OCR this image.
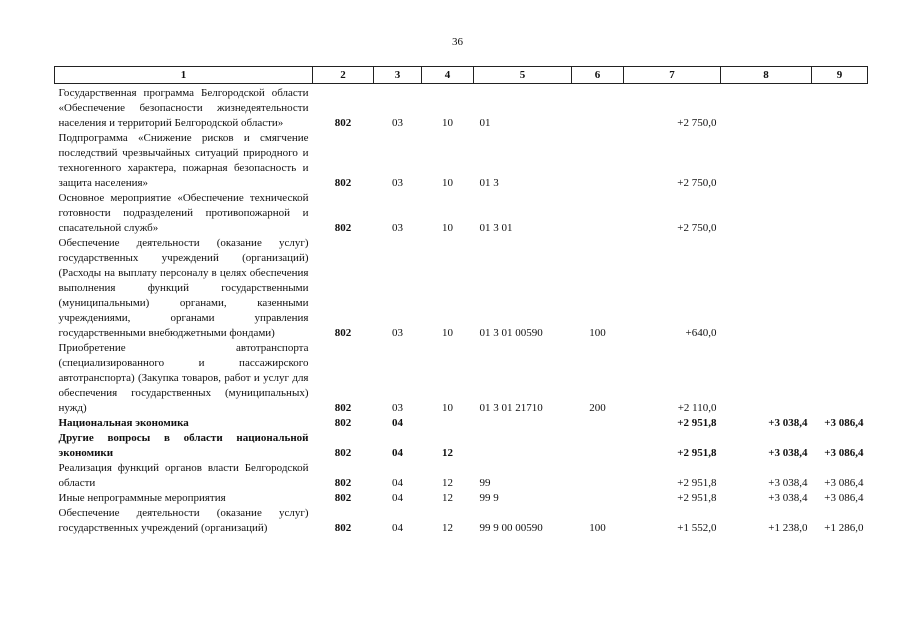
36
1	2	3	4	5	6	7	8	9
Государственная программа Белгородской области «Обеспечение безопасности жизнедеятельности населения и территорий Белгородской области»	802	03	10	01		+2 750,0		
Подпрограмма «Снижение рисков и смягчение последствий чрезвычайных ситуаций природного и техногенного характера, пожарная безопасность и защита населения»	802	03	10	01 3		+2 750,0		
Основное мероприятие «Обеспечение технической готовности подразделений противопожарной и спасательной служб»	802	03	10	01 3 01		+2 750,0		
Обеспечение деятельности (оказание услуг) государственных учреждений (организаций) (Расходы на выплату персоналу в целях обеспечения выполнения функций государственными (муниципальными) органами, казенными учреждениями, органами управления государственными внебюджетными фондами)	802	03	10	01 3 01 00590	100	+640,0		
Приобретение автотранспорта (специализированного и пассажирского автотранспорта) (Закупка товаров, работ и услуг для обеспечения государственных (муниципальных) нужд)	802	03	10	01 3 01 21710	200	+2 110,0		
Национальная экономика	802	04				+2 951,8	+3 038,4	+3 086,4
Другие вопросы в области национальной экономики	802	04	12			+2 951,8	+3 038,4	+3 086,4
Реализация функций органов власти Белгородской области	802	04	12	99		+2 951,8	+3 038,4	+3 086,4
Иные непрограммные мероприятия	802	04	12	99 9		+2 951,8	+3 038,4	+3 086,4
Обеспечение деятельности (оказание услуг) государственных учреждений (организаций)	802	04	12	99 9 00 00590	100	+1 552,0	+1 238,0	+1 286,0
